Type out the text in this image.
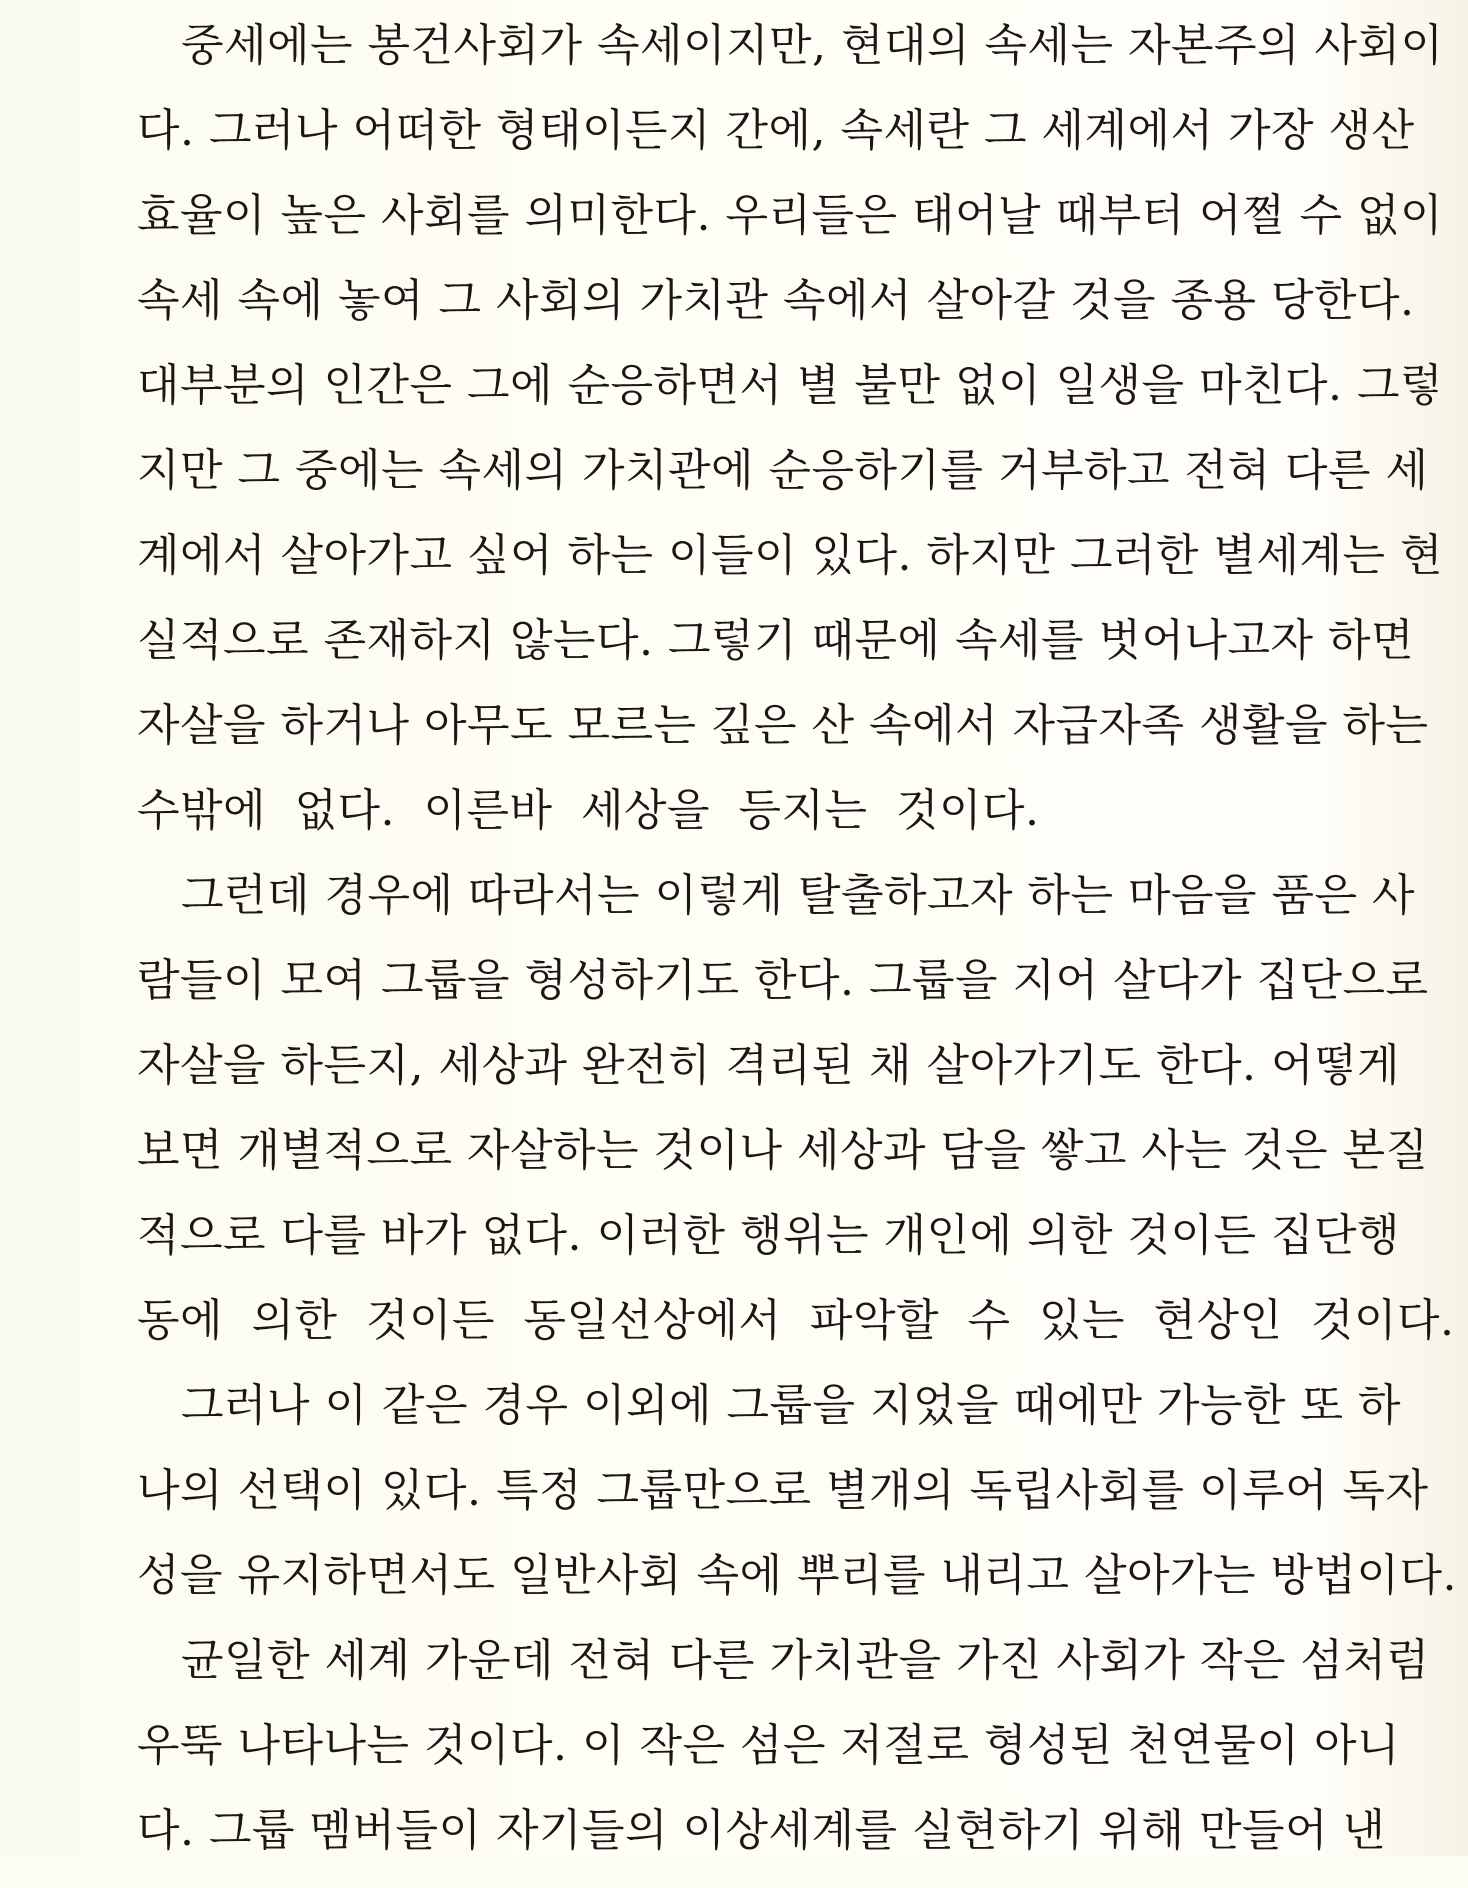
중세에는 봉건사회가 속세이지만, 현대의 속세는 자본주의 사회이
다. 그러나 어떠한 형태이든지 간에, 속세란 그 세계에서 가장 생산
효율이 높은 사회를 의미한다. 우리들은 태어날 때부터 어쩔 수 없이
속세 속에 놓여 그 사회의 가치관 속에서 살아갈 것을 종용 당한다.
대부분의 인간은 그에 순응하면서 별 불만 없이 일생을 마친다. 그렇
지만 그 중에는 속세의 가치관에 순응하기를 거부하고 전혀 다른 세
계에서 살아가고 싶어 하는 이들이 있다. 하지만 그러한 별세계는 현
실적으로 존재하지 않는다. 그렇기 때문에 속세를 벗어나고자 하면
자살을 하거나 아무도 모르는 깊은 산 속에서 자급자족 생활을 하는
수밖에 없다. 이른바 세상을 등지는 것이다.
그런데 경우에 따라서는 이렇게 탈출하고자 하는 마음을 품은 사
람들이 모여 그룹을 형성하기도 한다. 그룹을 지어 살다가 집단으로
자살을 하든지, 세상과 완전히 격리된 채 살아가기도 한다. 어떻게
보면 개별적으로 자살하는 것이나 세상과 담을 쌓고 사는 것은 본질
적으로 다를 바가 없다. 이러한 행위는 개인에 의한 것이든 집단행
동에 의한 것이든 동일선상에서 파악할 수 있는 현상인 것이다.
그러나 이 같은 경우 이외에 그룹을 지었을 때에만 가능한 또 하
나의 선택이 있다. 특정 그룹만으로 별개의 독립사회를 이루어 독자
성을 유지하면서도 일반사회 속에 뿌리를 내리고 살아가는 방법이다.
균일한 세계 가운데 전혀 다른 가치관을 가진 사회가 작은 섬처럼
우뚝 나타나는 것이다. 이 작은 섬은 저절로 형성된 천연물이 아니
다. 그룹 멤버들이 자기들의 이상세계를 실현하기 위해 만들어 낸
